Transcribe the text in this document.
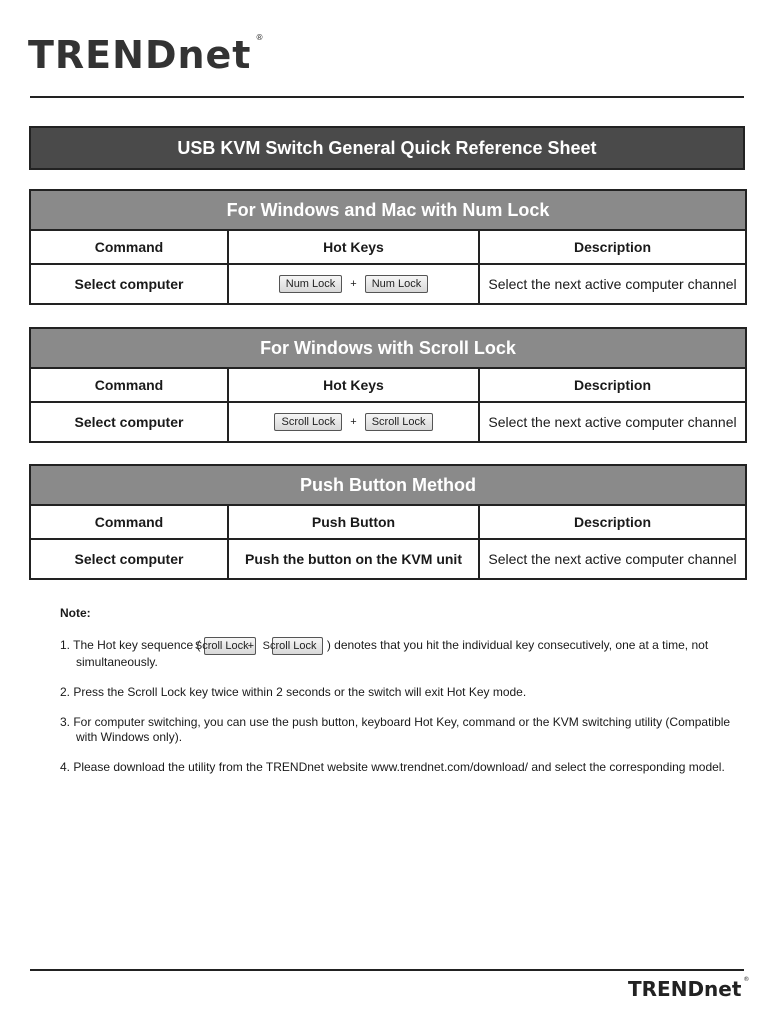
TRENDnet ®
USB KVM Switch General Quick Reference Sheet
For Windows and Mac with Num Lock		
Command	Hot Keys	Description
Select computer	Num Lock + Num Lock	Select the next active computer channel
For Windows with Scroll Lock		
Command	Hot Keys	Description
Select computer	Scroll Lock + Scroll Lock	Select the next active computer channel
Push Button Method		
Command	Push Button	Description
Select computer	Push the button on the KVM unit	Select the next active computer channel
Note:
1. The Hot key sequence ( Scroll Lock Scroll Lock ) denotes that you hit the individual key consecutively, one at a time, not simultaneously.
2. Press the Scroll Lock key twice within 2 seconds or the switch will exit Hot Key mode.
3. For computer switching, you can use the push button, keyboard Hot Key, command or the KVM switching utility (Compatible with Windows only).
4. Please download the utility from the TRENDnet website www.trendnet.com/download/ and select the corresponding model.
TRENDnet ®
